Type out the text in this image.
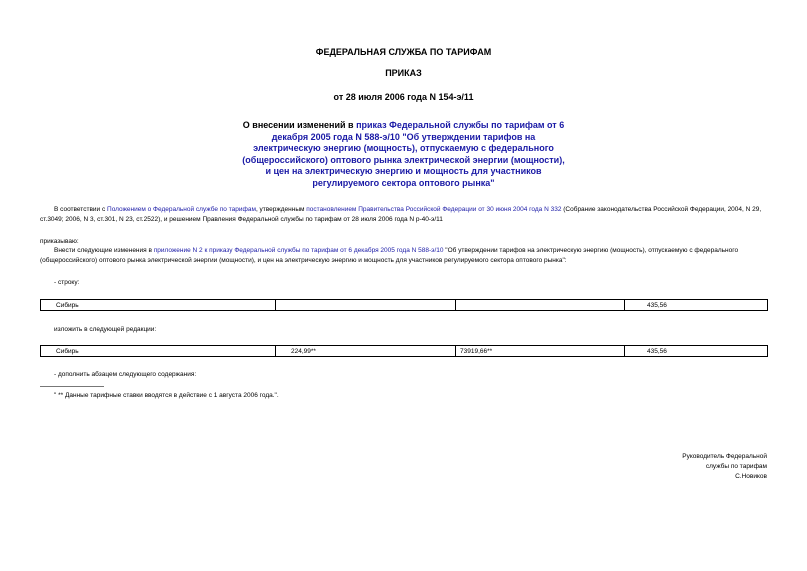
ФЕДЕРАЛЬНАЯ СЛУЖБА ПО ТАРИФАМ
ПРИКАЗ
от 28 июля 2006 года N 154-э/11
О внесении изменений в приказ Федеральной службы по тарифам от 6 декабря 2005 года N 588-э/10 "Об утверждении тарифов на электрическую энергию (мощность), отпускаемую с федерального (общероссийского) оптового рынка электрической энергии (мощности), и цен на электрическую энергию и мощность для участников регулируемого сектора оптового рынка"
В соответствии с Положением о Федеральной службе по тарифам, утвержденным постановлением Правительства Российской Федерации от 30 июня 2004 года N 332 (Собрание законодательства Российской Федерации, 2004, N 29, ст.3049; 2006, N 3, ст.301, N 23, ст.2522), и решением Правления Федеральной службы по тарифам от 28 июля 2006 года N р-40-э/11
приказываю:
Внести следующие изменения в приложение N 2 к приказу Федеральной службы по тарифам от 6 декабря 2005 года N 588-э/10 "Об утверждении тарифов на электрическую энергию (мощность), отпускаемую с федерального (общероссийского) оптового рынка электрической энергии (мощности), и цен на электрическую энергию и мощность для участников регулируемого сектора оптового рынка":
- строку:
Сибирь			435,56
изложить в следующей редакции:
Сибирь	224,99**	73919,66**	435,56
- дополнить абзацем следующего содержания:
" ** Данные тарифные ставки вводятся в действие с 1 августа 2006 года.".
Руководитель Федеральной
службы по тарифам
С.Новиков
